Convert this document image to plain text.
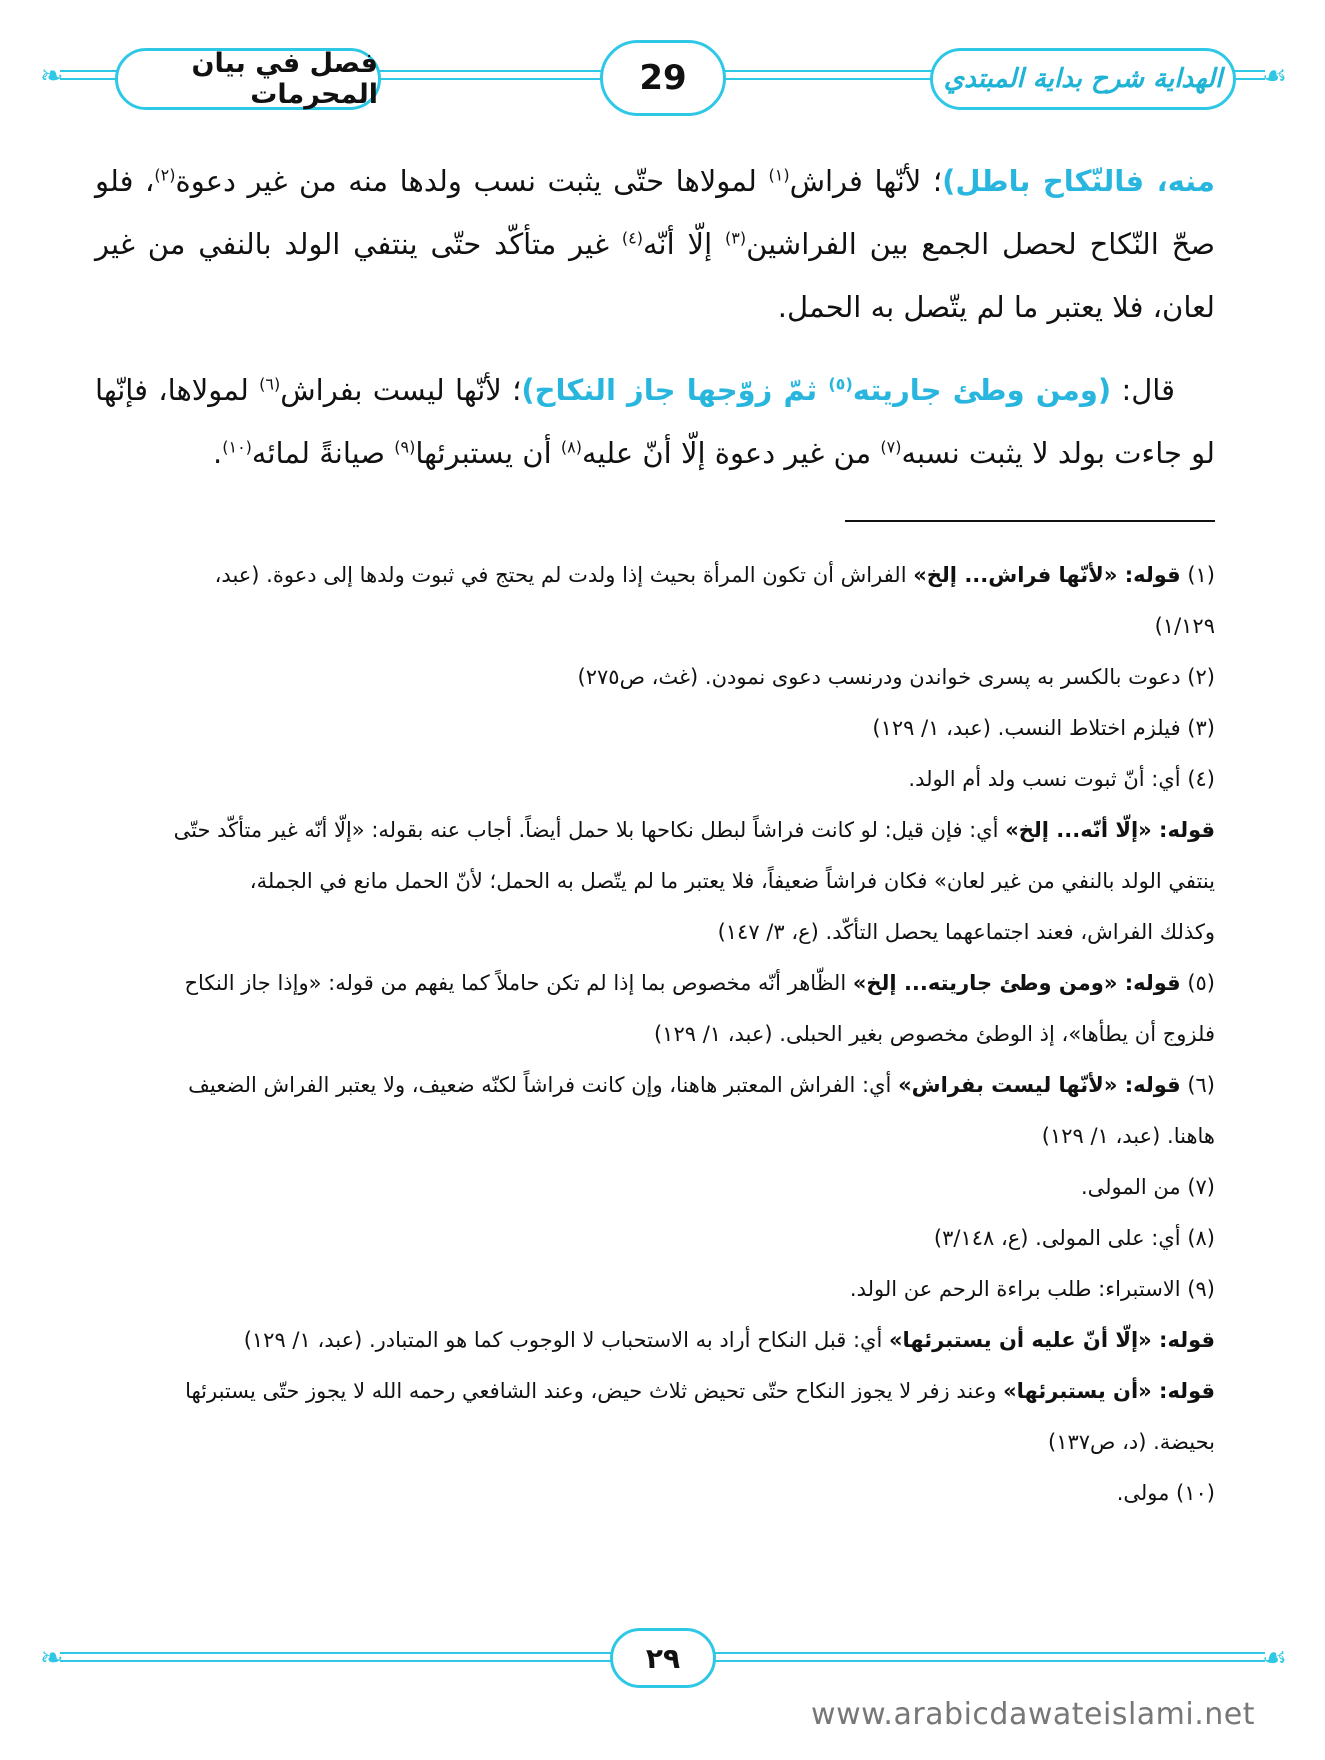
❧	☙
فصل في بيان المحرمات	29	الهداية شرح بداية المبتدي

منه، فالنّكاح باطل)؛ لأنّها فراش$^{(١)}$ لمولاها حتّى يثبت نسب ولدها منه من غير دعوة$^{(٢)}$، فلو صحّ النّكاح لحصل الجمع بين الفراشين$^{(٣)}$ إلّا أنّه$^{(٤)}$ غير متأكّد حتّى ينتفي الولد بالنفي من غير لعان، فلا يعتبر ما لم يتّصل به الحمل.

قال: (ومن وطئ جاريته$^{(٥)}$ ثمّ زوّجها جاز النكاح)؛ لأنّها ليست بفراش$^{(٦)}$ لمولاها، فإنّها لو جاءت بولد لا يثبت نسبه$^{(٧)}$ من غير دعوة إلّا أنّ عليه$^{(٨)}$ أن يستبرئها$^{(٩)}$ صيانةً لمائه$^{(١٠)}$.

(١) قوله: «لأنّها فراش... إلخ» الفراش أن تكون المرأة بحيث إذا ولدت لم يحتج في ثبوت ولدها إلى دعوة. (عبد،

١/١٢٩)

(٢) دعوت بالكسر به پسرى خواندن ودرنسب دعوى نمودن. (غث، ص٢٧٥)

(٣) فيلزم اختلاط النسب. (عبد، ١/ ١٢٩)

(٤) أي: أنّ ثبوت نسب ولد أم الولد.

قوله: «إلّا أنّه... إلخ» أي: فإن قيل: لو كانت فراشاً لبطل نكاحها بلا حمل أيضاً. أجاب عنه بقوله: «إلّا أنّه غير متأكّد حتّى

ينتفي الولد بالنفي من غير لعان» فكان فراشاً ضعيفاً، فلا يعتبر ما لم يتّصل به الحمل؛ لأنّ الحمل مانع في الجملة،

وكذلك الفراش، فعند اجتماعهما يحصل التأكّد. (ع، ٣/ ١٤٧)

(٥) قوله: «ومن وطئ جاريته... إلخ» الظّاهر أنّه مخصوص بما إذا لم تكن حاملاً كما يفهم من قوله: «وإذا جاز النكاح

فلزوج أن يطأها»، إذ الوطئ مخصوص بغير الحبلى. (عبد، ١/ ١٢٩)

(٦) قوله: «لأنّها ليست بفراش» أي: الفراش المعتبر هاهنا، وإن كانت فراشاً لكنّه ضعيف، ولا يعتبر الفراش الضعيف

هاهنا. (عبد، ١/ ١٢٩)

(٧) من المولى.

(٨) أي: على المولى. (ع، ٣/١٤٨)

(٩) الاستبراء: طلب براءة الرحم عن الولد.

قوله: «إلّا أنّ عليه أن يستبرئها» أي: قبل النكاح أراد به الاستحباب لا الوجوب كما هو المتبادر. (عبد، ١/ ١٢٩)

قوله: «أن يستبرئها» وعند زفر لا يجوز النكاح حتّى تحيض ثلاث حيض، وعند الشافعي رحمه الله لا يجوز حتّى يستبرئها

بحيضة. (د، ص١٣٧)

(١٠) مولى.

❧	☙
٢٩
www.arabicdawateislami.net
